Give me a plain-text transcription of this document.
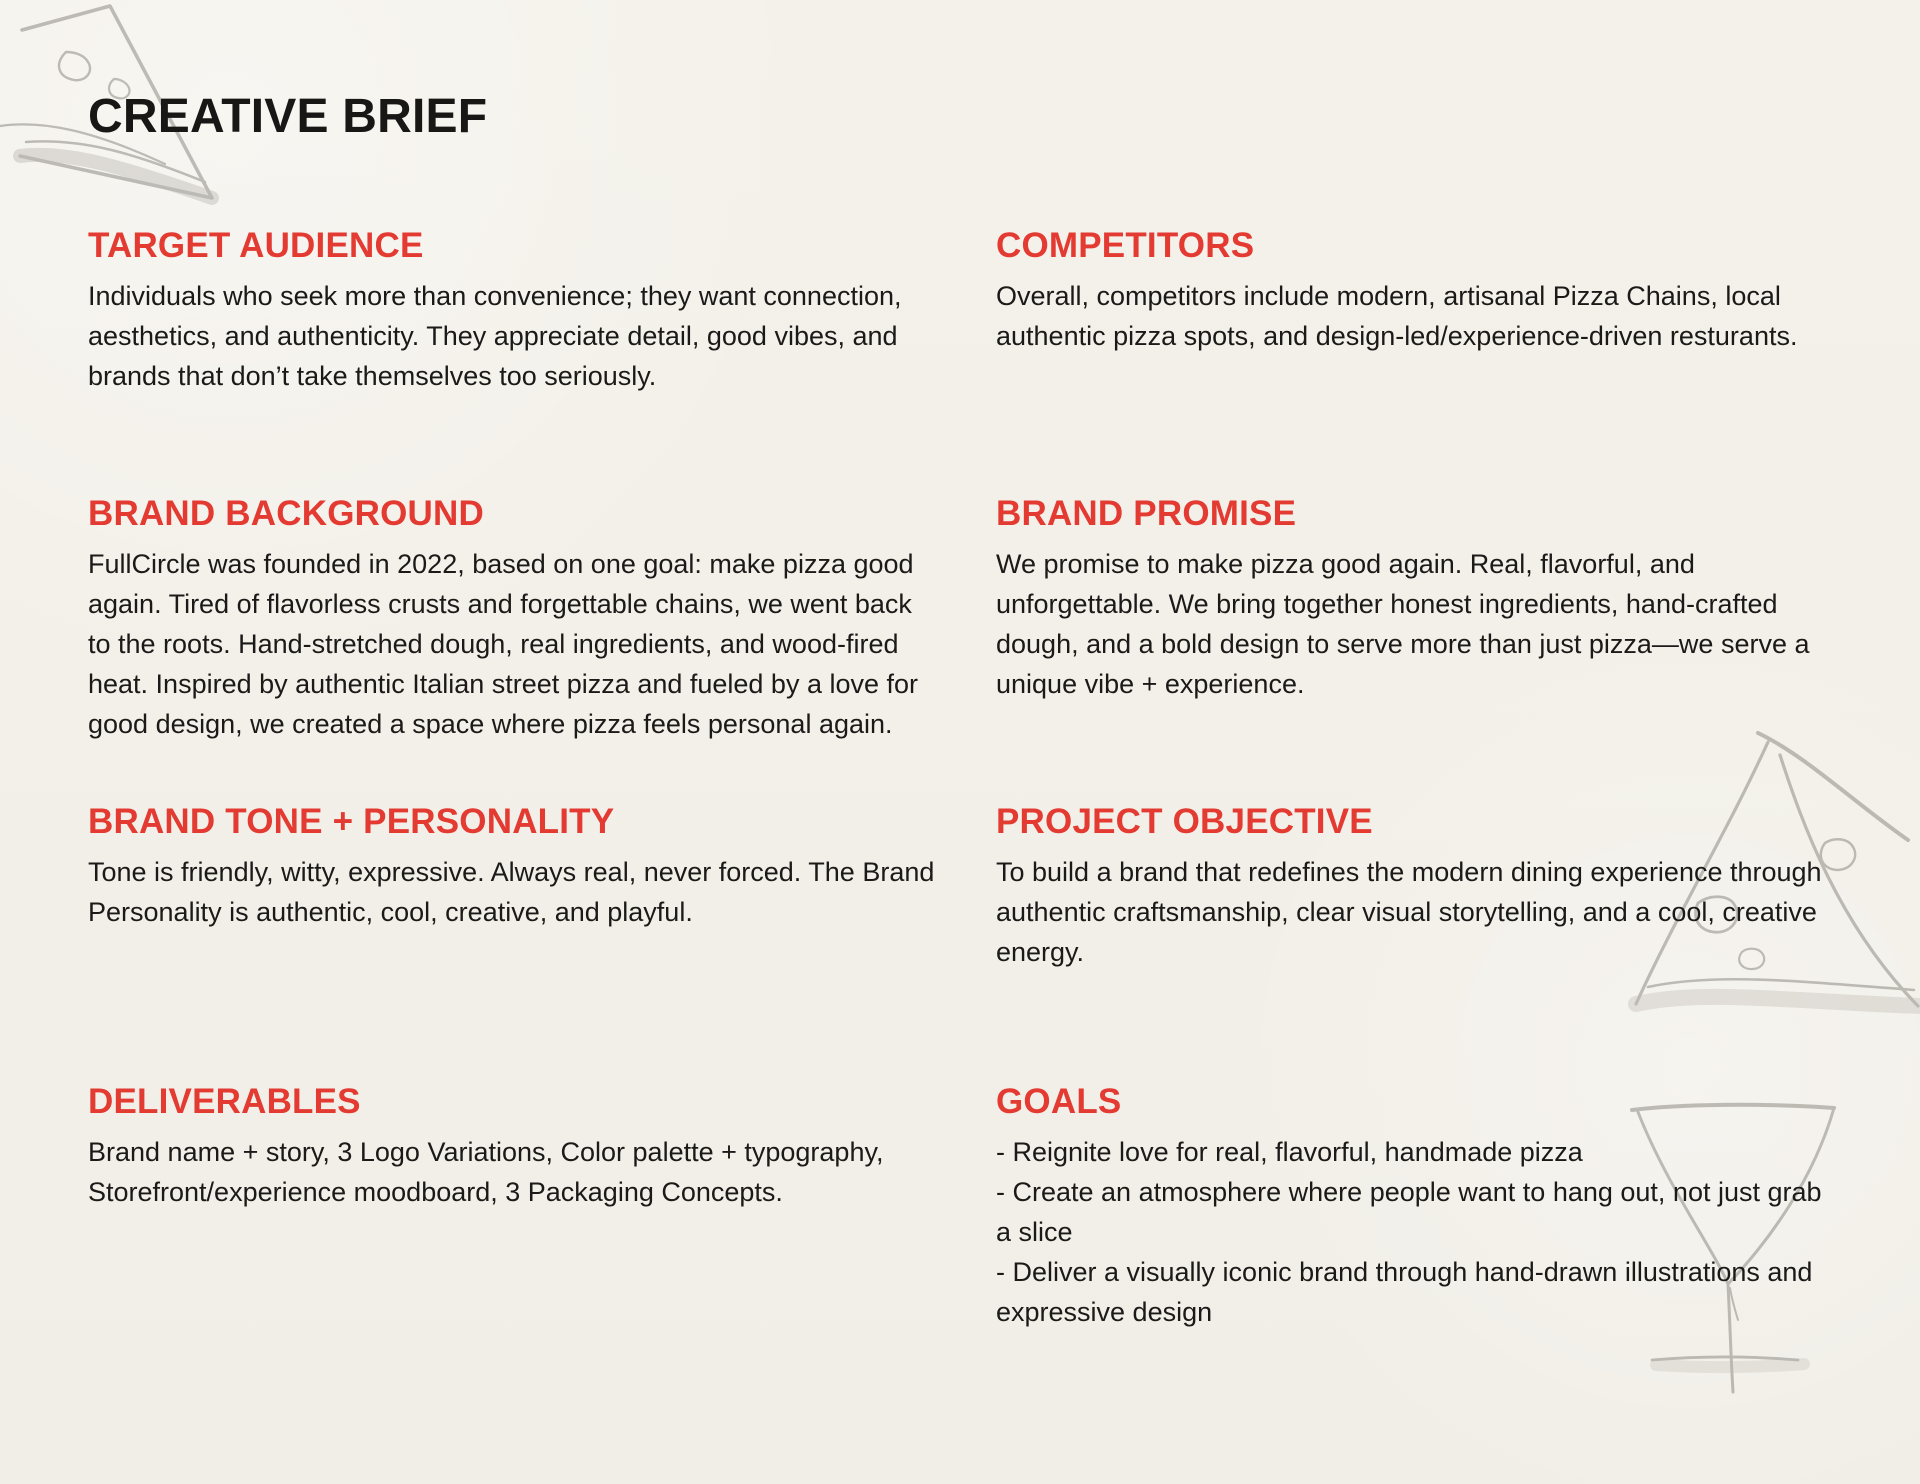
CREATIVE BRIEF
TARGET AUDIENCE

Individuals who seek more than convenience; they want connection, aesthetics, and authenticity. They appreciate detail, good vibes, and brands that don’t take themselves too seriously.

COMPETITORS

Overall, competitors include modern, artisanal Pizza Chains, local authentic pizza spots, and design-led/experience-driven resturants.

BRAND BACKGROUND

FullCircle was founded in 2022, based on one goal: make pizza good again. Tired of flavorless crusts and forgettable chains, we went back to the roots. Hand-stretched dough, real ingredients, and wood-fired heat. Inspired by authentic Italian street pizza and fueled by a love for good design, we created a space where pizza feels personal again.

BRAND PROMISE

We promise to make pizza good again. Real, flavorful, and unforgettable. We bring together honest ingredients, hand-crafted dough, and a bold design to serve more than just pizza—we serve a unique vibe + experience.

BRAND TONE + PERSONALITY

Tone is friendly, witty, expressive. Always real, never forced. The Brand Personality is authentic, cool, creative, and playful.

PROJECT OBJECTIVE

To build a brand that redefines the modern dining experience through authentic craftsmanship, clear visual storytelling, and a cool, creative energy.

DELIVERABLES

Brand name + story, 3 Logo Variations, Color palette + typography, Storefront/experience moodboard, 3 Packaging Concepts.

GOALS
- Reignite love for real, flavorful, handmade pizza
- Create an atmosphere where people want to hang out, not just grab a slice
- Deliver a visually iconic brand through hand-drawn illustrations and expressive design
